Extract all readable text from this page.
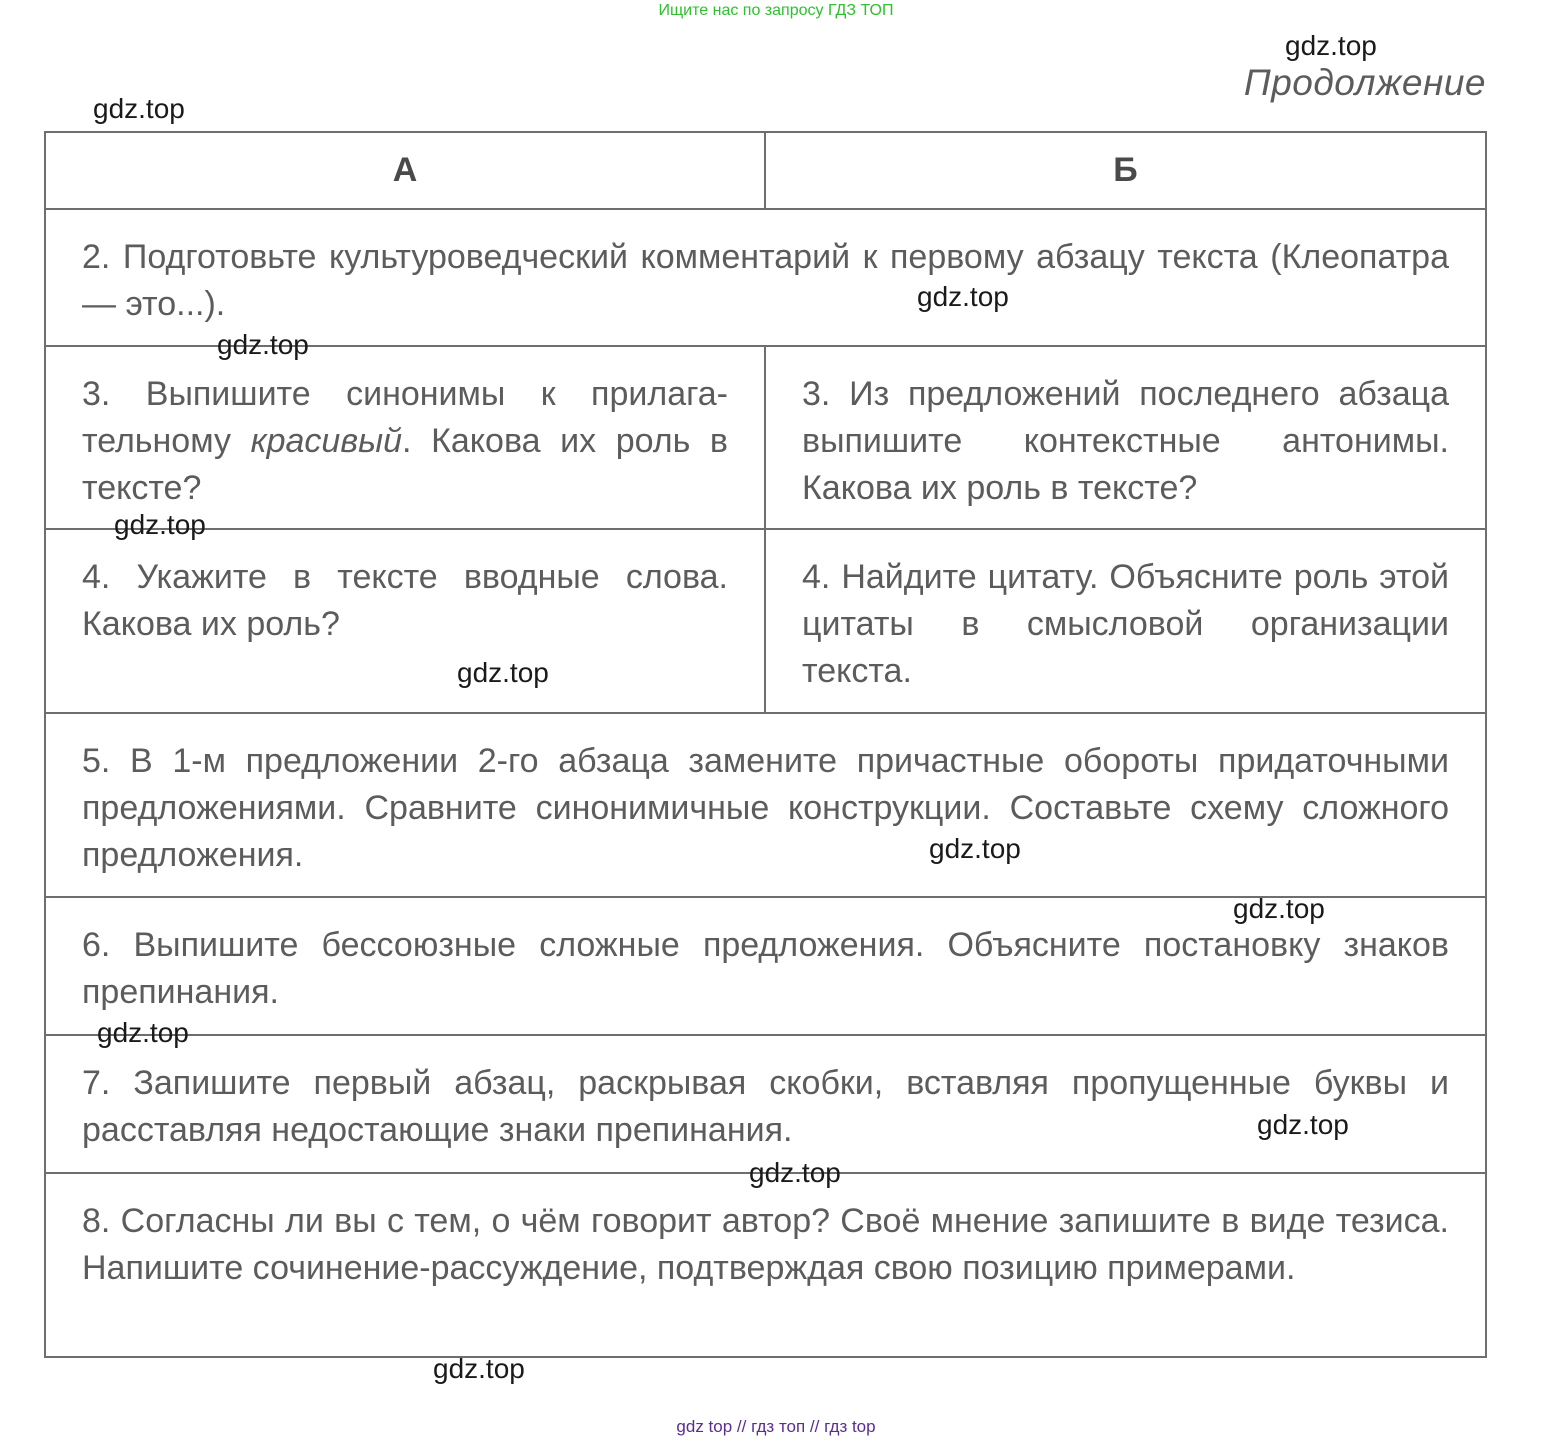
Ищите нас по запросу ГДЗ ТОП
Продолжение
А	Б

2. Подготовьте культуроведческий комментарий к первому абзацу текста (Клеопатра — это...).	

3. Выпишите синонимы к прилагательному красивый. Какова их роль в тексте?	3. Из предложений последнего абзаца выпишите контекстные антонимы. Какова их роль в тексте?

4. Укажите в тексте вводные слова. Какова их роль?	4. Найдите цитату. Объясните роль этой цитаты в смысловой организации текста.

5. В 1-м предложении 2-го абзаца замените причастные обороты придаточными предложениями. Сравните синонимичные конструкции. Составьте схему сложного предложения.	

6. Выпишите бессоюзные сложные предложения. Объясните постановку знаков препинания.	

7. Запишите первый абзац, раскрывая скобки, вставляя пропущенные буквы и расставляя недостающие знаки препинания.	

8. Согласны ли вы с тем, о чём говорит автор? Своё мнение запишите в виде тезиса. Напишите сочинение-рассуждение, подтверждая свою позицию примерами.	
gdz.top
gdz.top
gdz.top
gdz.top
gdz.top
gdz.top
gdz.top
gdz.top
gdz.top
gdz.top
gdz.top
gdz.top
gdz top // гдз топ // гдз top
